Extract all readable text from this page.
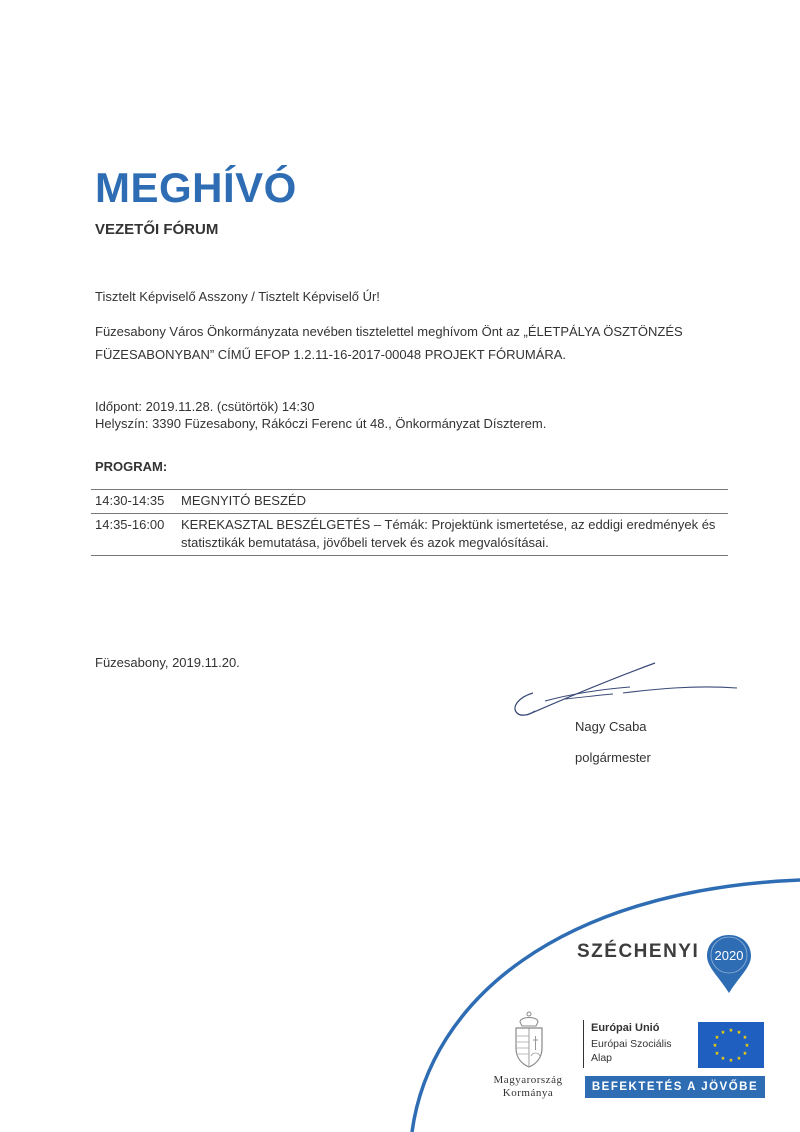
MEGHÍVÓ
VEZETŐI FÓRUM
Tisztelt Képviselő Asszony / Tisztelt Képviselő Úr!
Füzesabony Város Önkormányzata nevében tisztelettel meghívom Önt az „ÉLETPÁLYA ÖSZTÖNZÉS
FÜZESABONYBAN” CÍMŰ EFOP 1.2.11-16-2017-00048 PROJEKT FÓRUMÁRA.
Időpont: 2019.11.28. (csütörtök) 14:30
Helyszín: 3390 Füzesabony, Rákóczi Ferenc út 48., Önkormányzat Díszterem.
PROGRAM:
14:30-14:35	MEGNYITÓ BESZÉD
14:35-16:00	KEREKASZTAL BESZÉLGETÉS – Témák: Projektünk ismertetése, az eddigi eredmények és statisztikák bemutatása, jövőbeli tervek és azok megvalósításai.
Füzesabony, 2019.11.20.
Nagy Csaba
polgármester
SZÉCHENYI 2020
Magyarország
Kormánya
Európai Unió
Európai Szociális Alap
★ ★
★
★
★
★
★
★
★
★
★
★
BEFEKTETÉS A JÖVŐBE
